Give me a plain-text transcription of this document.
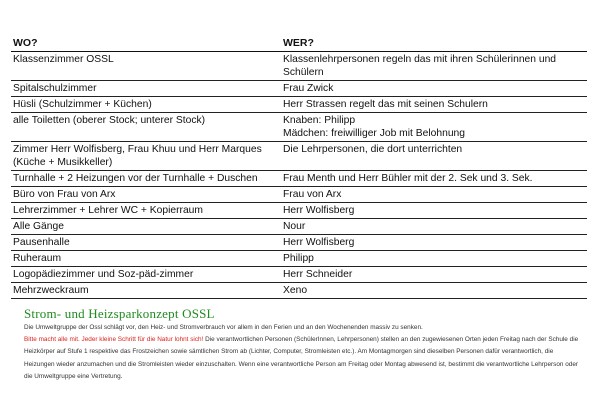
WO?	WER?
Klassenzimmer OSSL	Klassenlehrpersonen regeln das mit ihren Schülerinnen und Schülern
Spitalschulzimmer	Frau Zwick
Hüsli (Schulzimmer + Küchen)	Herr Strassen regelt das mit seinen Schulern
alle Toiletten (oberer Stock; unterer Stock)	Knaben: Philipp
Mädchen: freiwilliger Job mit Belohnung
Zimmer Herr Wolfisberg, Frau Khuu und Herr Marques (Küche + Musikkeller)	Die Lehrpersonen, die dort unterrichten
Turnhalle + 2 Heizungen vor der Turnhalle + Duschen	Frau Menth und Herr Bühler mit der 2. Sek und 3. Sek.
Büro von Frau von Arx	Frau von Arx
Lehrerzimmer + Lehrer WC + Kopierraum	Herr Wolfisberg
Alle Gänge	Nour
Pausenhalle	Herr Wolfisberg
Ruheraum	Philipp
Logopädiezimmer und Soz-päd-zimmer	Herr Schneider
Mehrzweckraum	Xeno
Strom- und Heizsparkonzept OSSL
Die Umweltgruppe der Ossl schlägt vor, den Heiz- und Stromverbrauch vor allem in den Ferien und an den Wochenenden massiv zu senken.
Bitte macht alle mit. Jeder kleine Schritt für die Natur lohnt sich! Die verantwortlichen Personen (SchülerInnen, Lehrpersonen) stellen an den zugewiesenen Orten jeden Freitag nach der Schule die Heizkörper auf Stufe 1 respektive das Frostzeichen sowie sämtlichen Strom ab (Lichter, Computer, Stromleisten etc.). Am Montagmorgen sind dieselben Personen dafür verantwortlich, die Heizungen wieder anzumachen und die Stromleisten wieder einzuschalten. Wenn eine verantwortliche Person am Freitag oder Montag abwesend ist, bestimmt die verantwortliche Lehrperson oder die Umweltgruppe eine Vertretung.
